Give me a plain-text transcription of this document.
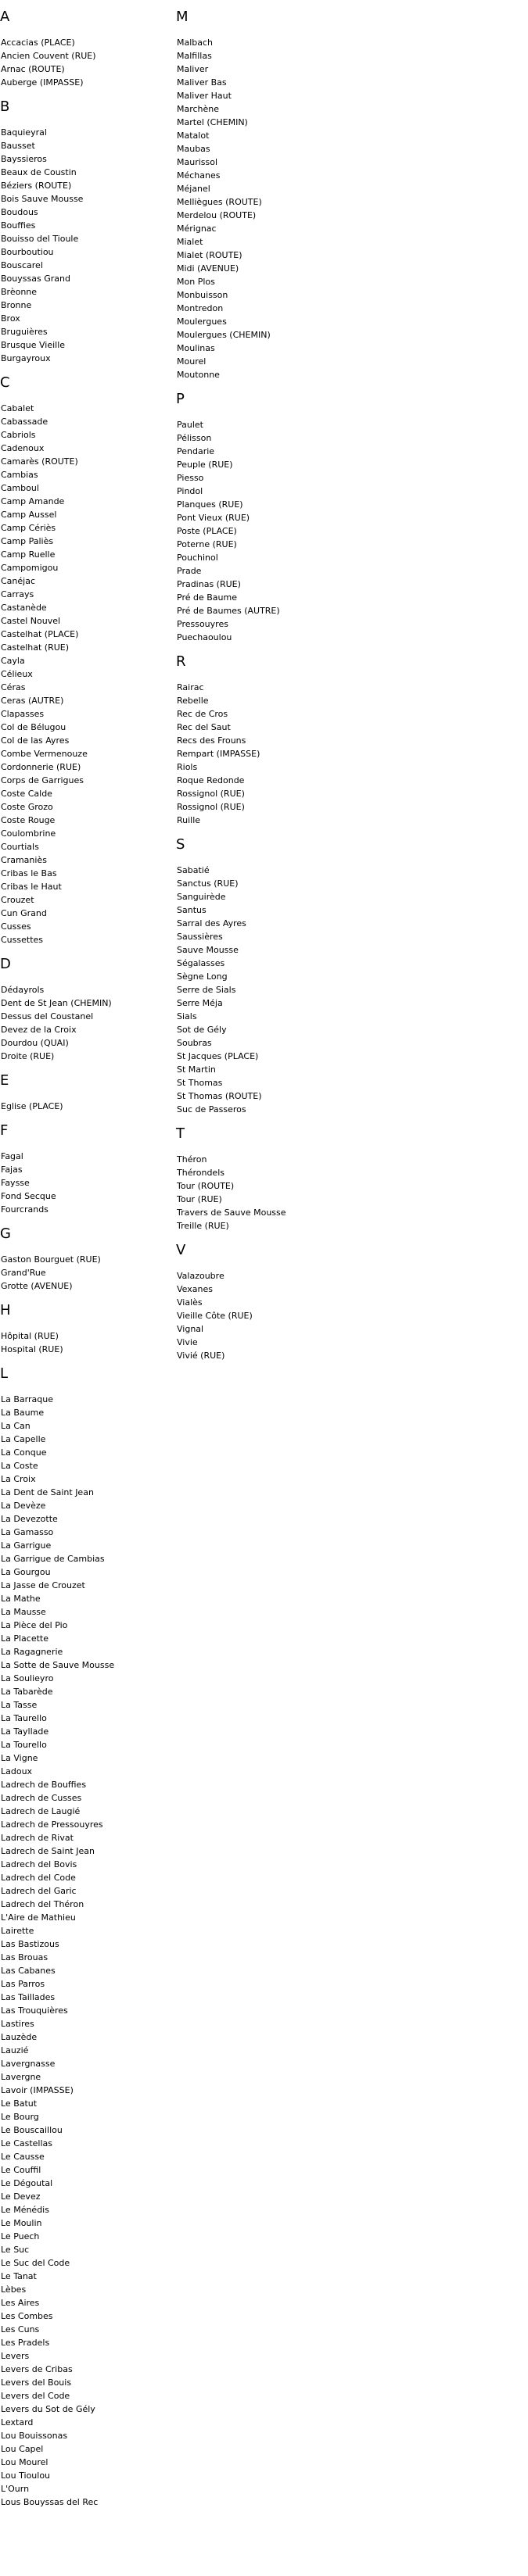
A
Accacias (PLACE)
Ancien Couvent (RUE)
Arnac (ROUTE)
Auberge (IMPASSE)
B
Baquieyral
Bausset
Bayssieros
Beaux de Coustin
Béziers (ROUTE)
Bois Sauve Mousse
Boudous
Bouffies
Bouisso del Tioule
Bourboutiou
Bouscarel
Bouyssas Grand
Brèonne
Bronne
Brox
Bruguières
Brusque Vieille
Burgayroux
C
Cabalet
Cabassade
Cabriols
Cadenoux
Camarès (ROUTE)
Cambias
Camboul
Camp Amande
Camp Aussel
Camp Cériès
Camp Paliès
Camp Ruelle
Campomigou
Canéjac
Carrays
Castanède
Castel Nouvel
Castelhat (PLACE)
Castelhat (RUE)
Cayla
Célieux
Céras
Ceras (AUTRE)
Clapasses
Col de Bélugou
Col de las Ayres
Combe Vermenouze
Cordonnerie (RUE)
Corps de Garrigues
Coste Calde
Coste Grozo
Coste Rouge
Coulombrine
Courtials
Cramaniès
Cribas le Bas
Cribas le Haut
Crouzet
Cun Grand
Cusses
Cussettes
D
Dédayrols
Dent de St Jean (CHEMIN)
Dessus del Coustanel
Devez de la Croix
Dourdou (QUAI)
Droite (RUE)
E
Eglise (PLACE)
F
Fagal
Fajas
Faysse
Fond Secque
Fourcrands
G
Gaston Bourguet (RUE)
Grand'Rue
Grotte (AVENUE)
H
Hôpital (RUE)
Hospital (RUE)
L
La Barraque
La Baume
La Can
La Capelle
La Conque
La Coste
La Croix
La Dent de Saint Jean
La Devèze
La Devezotte
La Gamasso
La Garrigue
La Garrigue de Cambias
La Gourgou
La Jasse de Crouzet
La Mathe
La Mausse
La Pièce del Pio
La Placette
La Ragagnerie
La Sotte de Sauve Mousse
La Soulieyro
La Tabarède
La Tasse
La Taurello
La Tayllade
La Tourello
La Vigne
Ladoux
Ladrech de Bouffies
Ladrech de Cusses
Ladrech de Laugié
Ladrech de Pressouyres
Ladrech de Rivat
Ladrech de Saint Jean
Ladrech del Bovis
Ladrech del Code
Ladrech del Garic
Ladrech del Théron
L'Aire de Mathieu
Lairette
Las Bastizous
Las Brouas
Las Cabanes
Las Parros
Las Taillades
Las Trouquières
Lastires
Lauzède
Lauzié
Lavergnasse
Lavergne
Lavoir (IMPASSE)
Le Batut
Le Bourg
Le Bouscaillou
Le Castellas
Le Causse
Le Couffil
Le Dégoutal
Le Devez
Le Ménédis
Le Moulin
Le Puech
Le Suc
Le Suc del Code
Le Tanat
Lèbes
Les Aires
Les Combes
Les Cuns
Les Pradels
Levers
Levers de Cribas
Levers del Bouis
Levers del Code
Levers du Sot de Gély
Lextard
Lou Bouissonas
Lou Capel
Lou Mourel
Lou Tioulou
L'Ourn
Lous Bouyssas del Rec
M
Malbach
Malfillas
Maliver
Maliver Bas
Maliver Haut
Marchène
Martel (CHEMIN)
Matalot
Maubas
Maurissol
Méchanes
Méjanel
Melliègues (ROUTE)
Merdelou (ROUTE)
Mérignac
Mialet
Mialet (ROUTE)
Midi (AVENUE)
Mon Plos
Monbuisson
Montredon
Moulergues
Moulergues (CHEMIN)
Moulinas
Mourel
Moutonne
P
Paulet
Pélisson
Pendarie
Peuple (RUE)
Piesso
Pindol
Planques (RUE)
Pont Vieux (RUE)
Poste (PLACE)
Poterne (RUE)
Pouchinol
Prade
Pradinas (RUE)
Pré de Baume
Pré de Baumes (AUTRE)
Pressouyres
Puechaoulou
R
Rairac
Rebelle
Rec de Cros
Rec del Saut
Recs des Frouns
Rempart (IMPASSE)
Riols
Roque Redonde
Rossignol (RUE)
Rossignol (RUE)
Ruille
S
Sabatié
Sanctus (RUE)
Sanguirède
Santus
Sarral des Ayres
Saussières
Sauve Mousse
Ségalasses
Sègne Long
Serre de Sials
Serre Méja
Sials
Sot de Gély
Soubras
St Jacques (PLACE)
St Martin
St Thomas
St Thomas (ROUTE)
Suc de Passeros
T
Théron
Thérondels
Tour (ROUTE)
Tour (RUE)
Travers de Sauve Mousse
Treille (RUE)
V
Valazoubre
Vexanes
Vialès
Vieille Côte (RUE)
Vignal
Vivie
Vivié (RUE)
